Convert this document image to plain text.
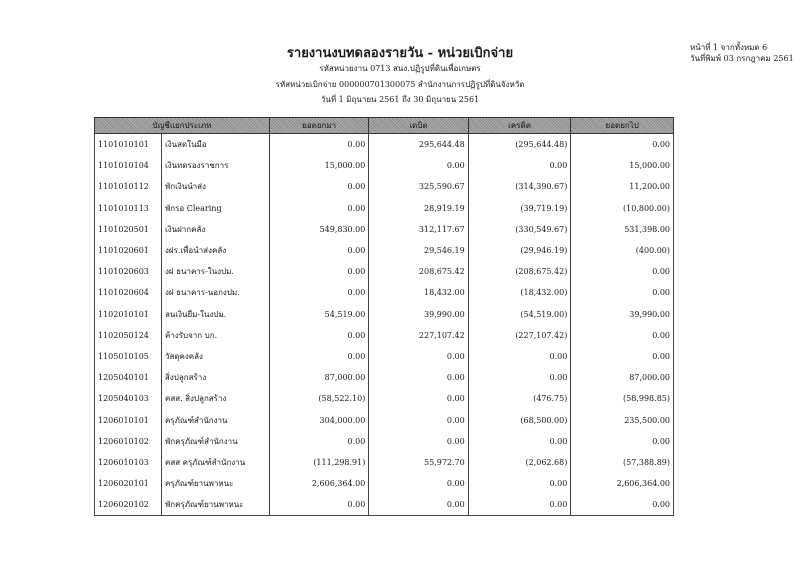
รายงานงบทดลองรายวัน - หน่วยเบิกจ่าย
รหัสหน่วยงาน 0713 สนง.ปฏิรูปที่ดินเพื่อเกษตร
รหัสหน่วยเบิกจ่าย 000000701300075 สำนักงานการปฏิรูปที่ดินจังหวัด
วันที่ 1 มิถุนายน 2561 ถึง 30 มิถุนายน 2561
หน้าที่ 1 จากทั้งหมด 6
วันที่พิมพ์ 03 กรกฎาคม 2561
บัญชีแยกประเภท		ยอดยกมา	เดบิต	เครดิต	ยอดยกไป
1101010101	เงินสดในมือ	0.00	295,644.48	(295,644.48)	0.00
1101010104	เงินทดรองราชการ	15,000.00	0.00	0.00	15,000.00
1101010112	พักเงินนำส่ง	0.00	325,590.67	(314,390.67)	11,200.00
1101010113	พักรอ Clearing	0.00	28,919.19	(39,719.19)	(10,800.00)
1101020501	เงินฝากคลัง	549,830.00	312,117.67	(330,549.67)	531,398.00
1101020601	งฝร.เพื่อนำส่งคลัง	0.00	29,546.19	(29,946.19)	(400.00)
1101020603	งฝ ธนาคาร-ในงปม.	0.00	208,675.42	(208,675.42)	0.00
1101020604	งฝ ธนาคาร-นอกงปม.	0.00	18,432.00	(18,432.00)	0.00
1102010101	ลนเงินยืม-ในงปม.	54,519.00	39,990.00	(54,519.00)	39,990.00
1102050124	ค้างรับจาก บก.	0.00	227,107.42	(227,107.42)	0.00
1105010105	วัสดุคงคลัง	0.00	0.00	0.00	0.00
1205040101	สิ่งปลูกสร้าง	87,000.00	0.00	0.00	87,000.00
1205040103	คสส. สิ่งปลูกสร้าง	(58,522.10)	0.00	(476.75)	(58,998.85)
1206010101	ครุภัณฑ์สำนักงาน	304,000.00	0.00	(68,500.00)	235,500.00
1206010102	พักครุภัณฑ์สำนักงาน	0.00	0.00	0.00	0.00
1206010103	คสส ครุภัณฑ์สำนักงาน	(111,298.91)	55,972.70	(2,062.68)	(57,388.89)
1206020101	ครุภัณฑ์ยานพาหนะ	2,606,364.00	0.00	0.00	2,606,364.00
1206020102	พักครุภัณฑ์ยานพาหนะ	0.00	0.00	0.00	0.00
